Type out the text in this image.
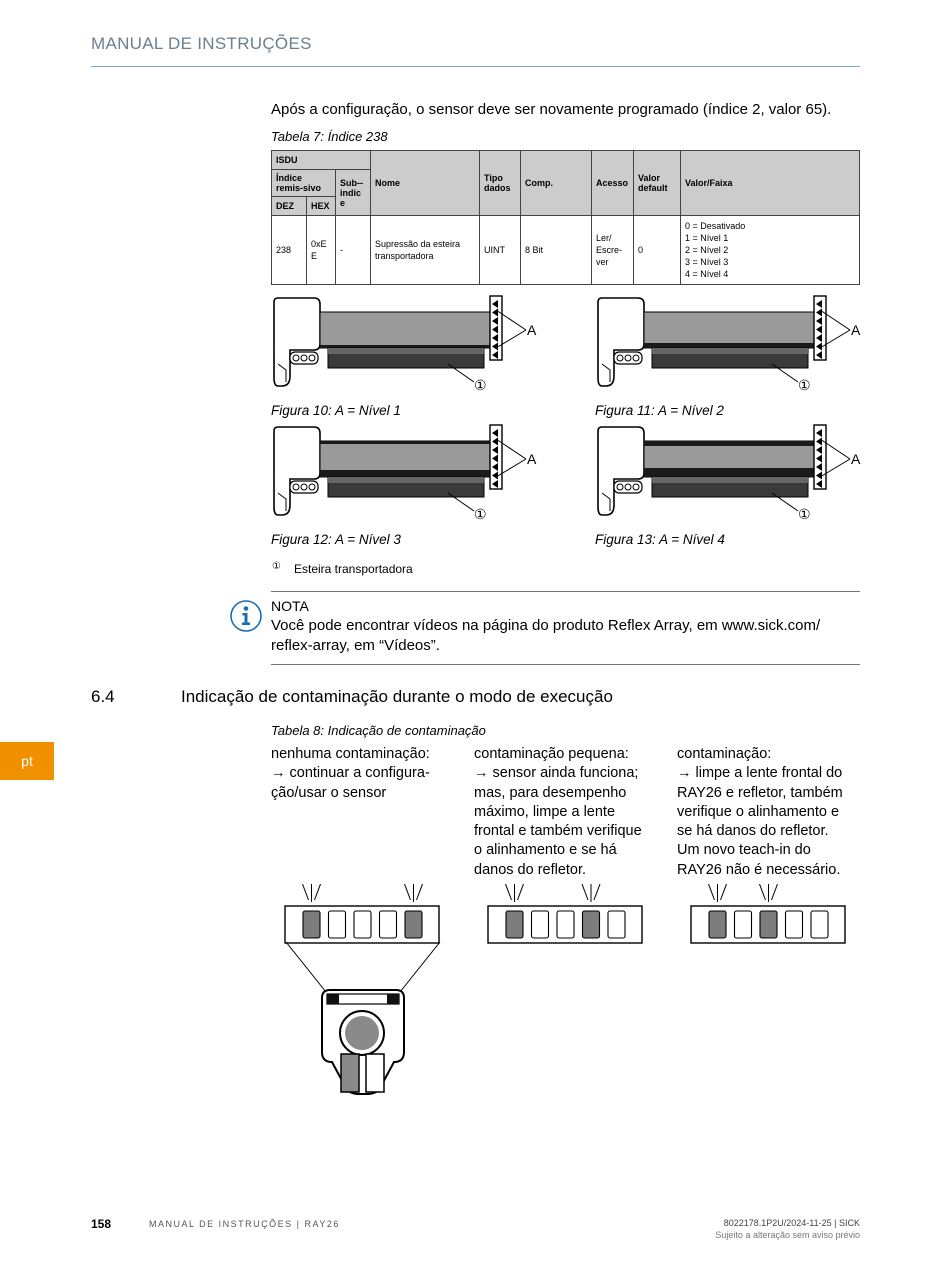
MANUAL DE INSTRUÇÕES
Após a configuração, o sensor deve ser novamente programado (índice 2, valor 65).
Tabela 7: Índice 238
ISDU			Nome	Tipo dados	Comp.	Acesso	Valor default	Valor/Faixa
Índice remis-sivo		Sub--indic e						
DEZ	HEX							
238	0xE E	-	Supressão da esteira transportadora	UINT	8 Bit	Ler/ Escre-ver	0	0 = Desativado
1 = Nível 1
2 = Nível 2
3 = Nível 3
4 = Nível 4
A
①
A
①
A
①
A
①
Figura 10: A = Nível 1	Figura 11: A = Nível 2
Figura 12: A = Nível 3	Figura 13: A = Nível 4
① Esteira transportadora
NOTA
Você pode encontrar vídeos na página do produto Reflex Array, em www.sick.com/ reflex-array, em “Vídeos”.
6.4	Indicação de contaminação durante o modo de execução
Tabela 8: Indicação de contaminação
nenhuma contaminação:
→ continuar a configura-
ção/usar o sensor
contaminação pequena:
→ sensor ainda funciona;
mas, para desempenho
máximo, limpe a lente
frontal e também verifique
o alinhamento e se há
danos do refletor.
contaminação:
→ limpe a lente frontal do
RAY26 e refletor, também
verifique o alinhamento e
se há danos do refletor.
Um novo teach-in do
RAY26 não é necessário.
pt
158	MANUAL DE INSTRUÇÕES | RAY26	8022178.1P2U/2024-11-25 | SICK
Sujeito a alteração sem aviso prévio
